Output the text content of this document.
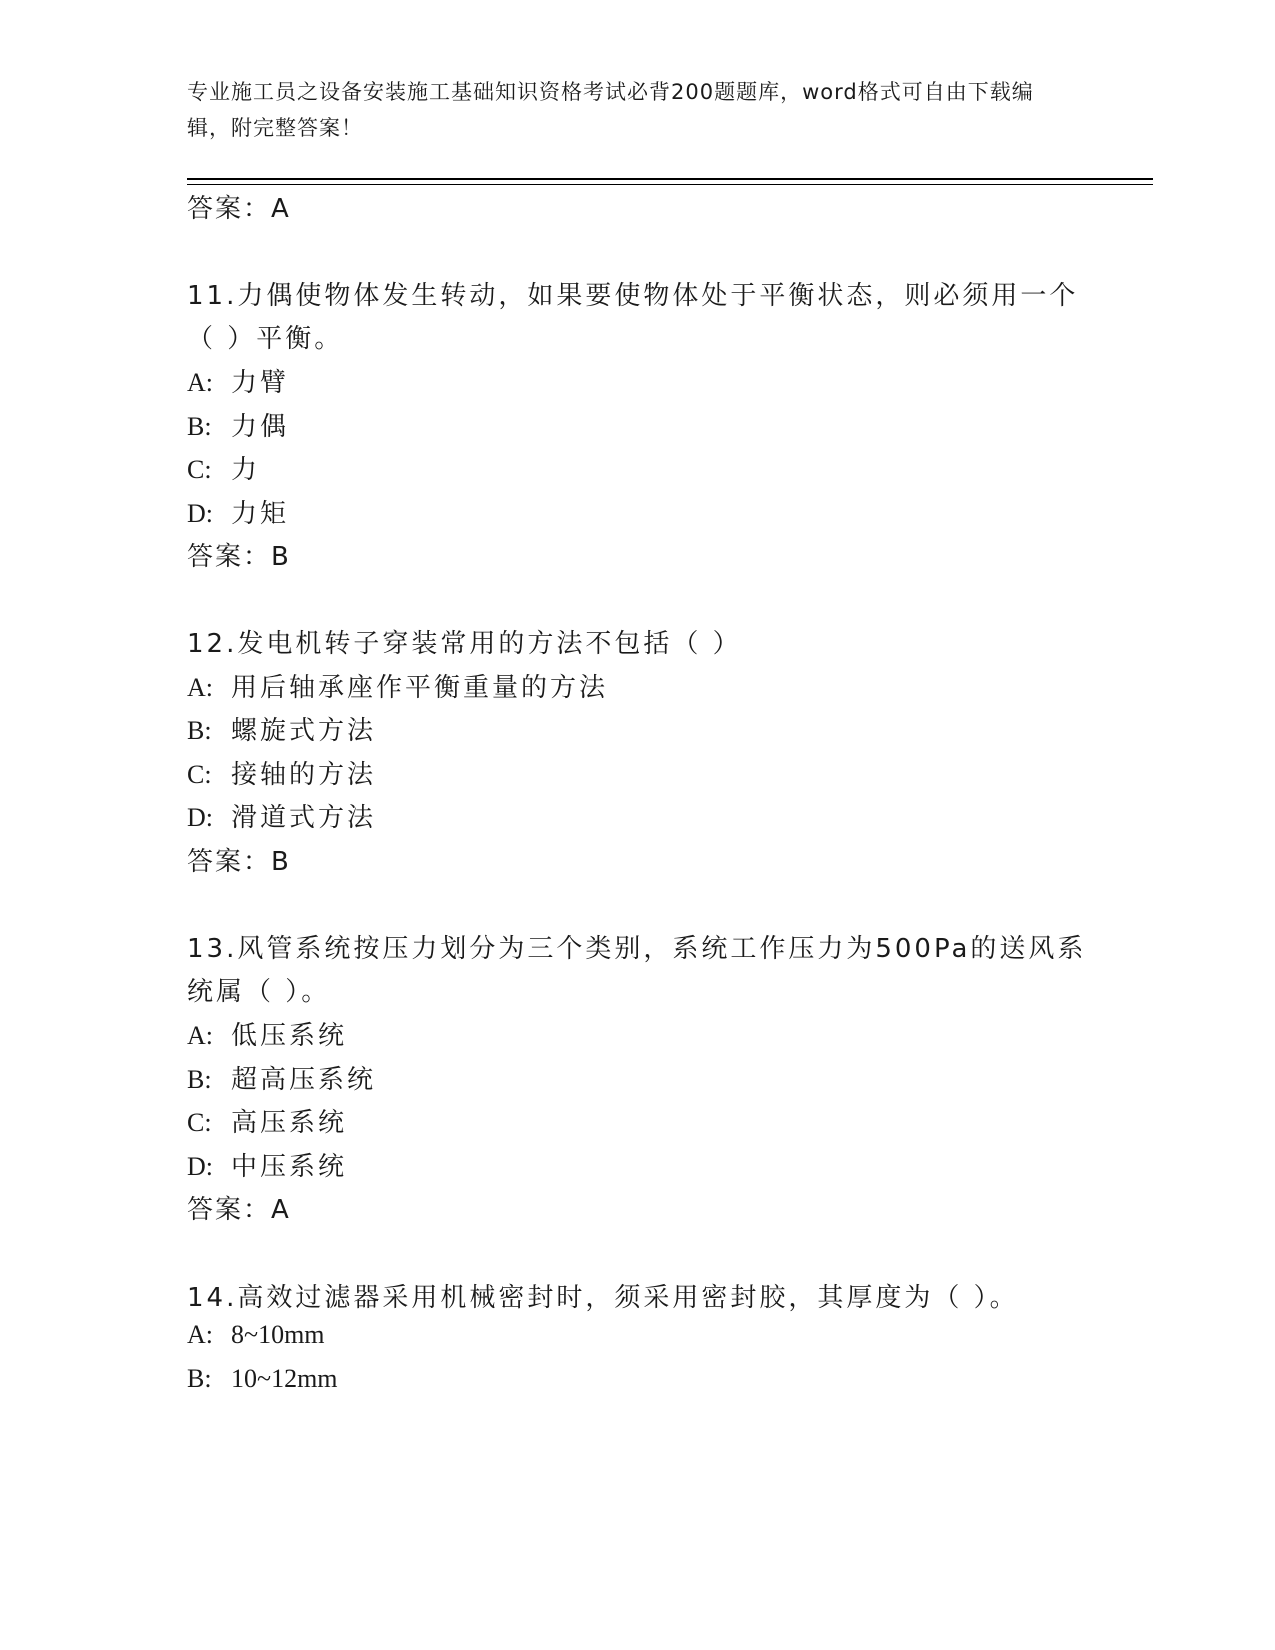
专业施工员之设备安装施工基础知识资格考试必背200题题库，word格式可自由下载编辑，附完整答案！
答案：A
11.力偶使物体发生转动，如果要使物体处于平衡状态，则必须用一个
（ ）平衡。
A: 力臂
B: 力偶
C: 力
D: 力矩
答案：B
12.发电机转子穿装常用的方法不包括（ ）
A: 用后轴承座作平衡重量的方法
B: 螺旋式方法
C: 接轴的方法
D: 滑道式方法
答案：B
13.风管系统按压力划分为三个类别，系统工作压力为500Pa的送风系
统属（ ）。
A: 低压系统
B: 超高压系统
C: 高压系统
D: 中压系统
答案：A
14.高效过滤器采用机械密封时，须采用密封胶，其厚度为（ ）。
A: 8~10mm
B: 10~12mm
